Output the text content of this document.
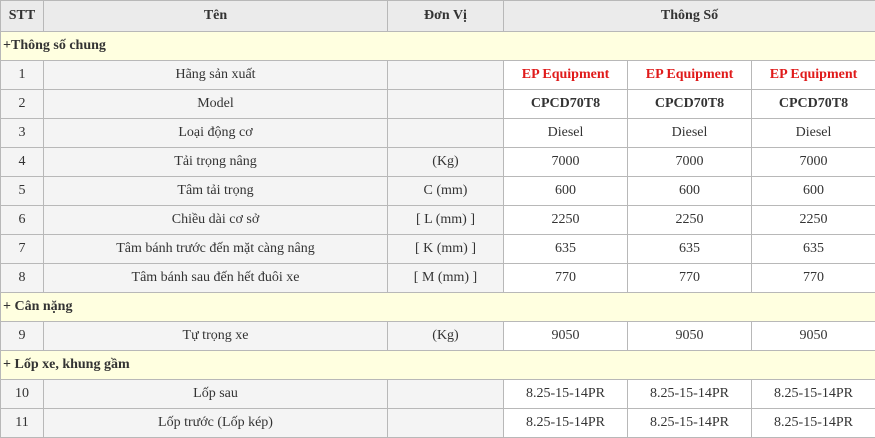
STT	Tên	Đơn Vị	Thông Số		
+Thông số chung					
1	Hãng sản xuất		EP Equipment	EP Equipment	EP Equipment
2	Model		CPCD70T8	CPCD70T8	CPCD70T8
3	Loại động cơ		Diesel	Diesel	Diesel
4	Tải trọng nâng	(Kg)	7000	7000	7000
5	Tâm tải trọng	C (mm)	600	600	600
6	Chiều dài cơ sở	[ L (mm) ]	2250	2250	2250
7	Tâm bánh trước đến mặt càng nâng	[ K (mm) ]	635	635	635
8	Tâm bánh sau đến hết đuôi xe	[ M (mm) ]	770	770	770
+ Cân nặng					
9	Tự trọng xe	(Kg)	9050	9050	9050
+ Lốp xe, khung gầm					
10	Lốp sau		8.25-15-14PR	8.25-15-14PR	8.25-15-14PR
11	Lốp trước (Lốp kép)		8.25-15-14PR	8.25-15-14PR	8.25-15-14PR
